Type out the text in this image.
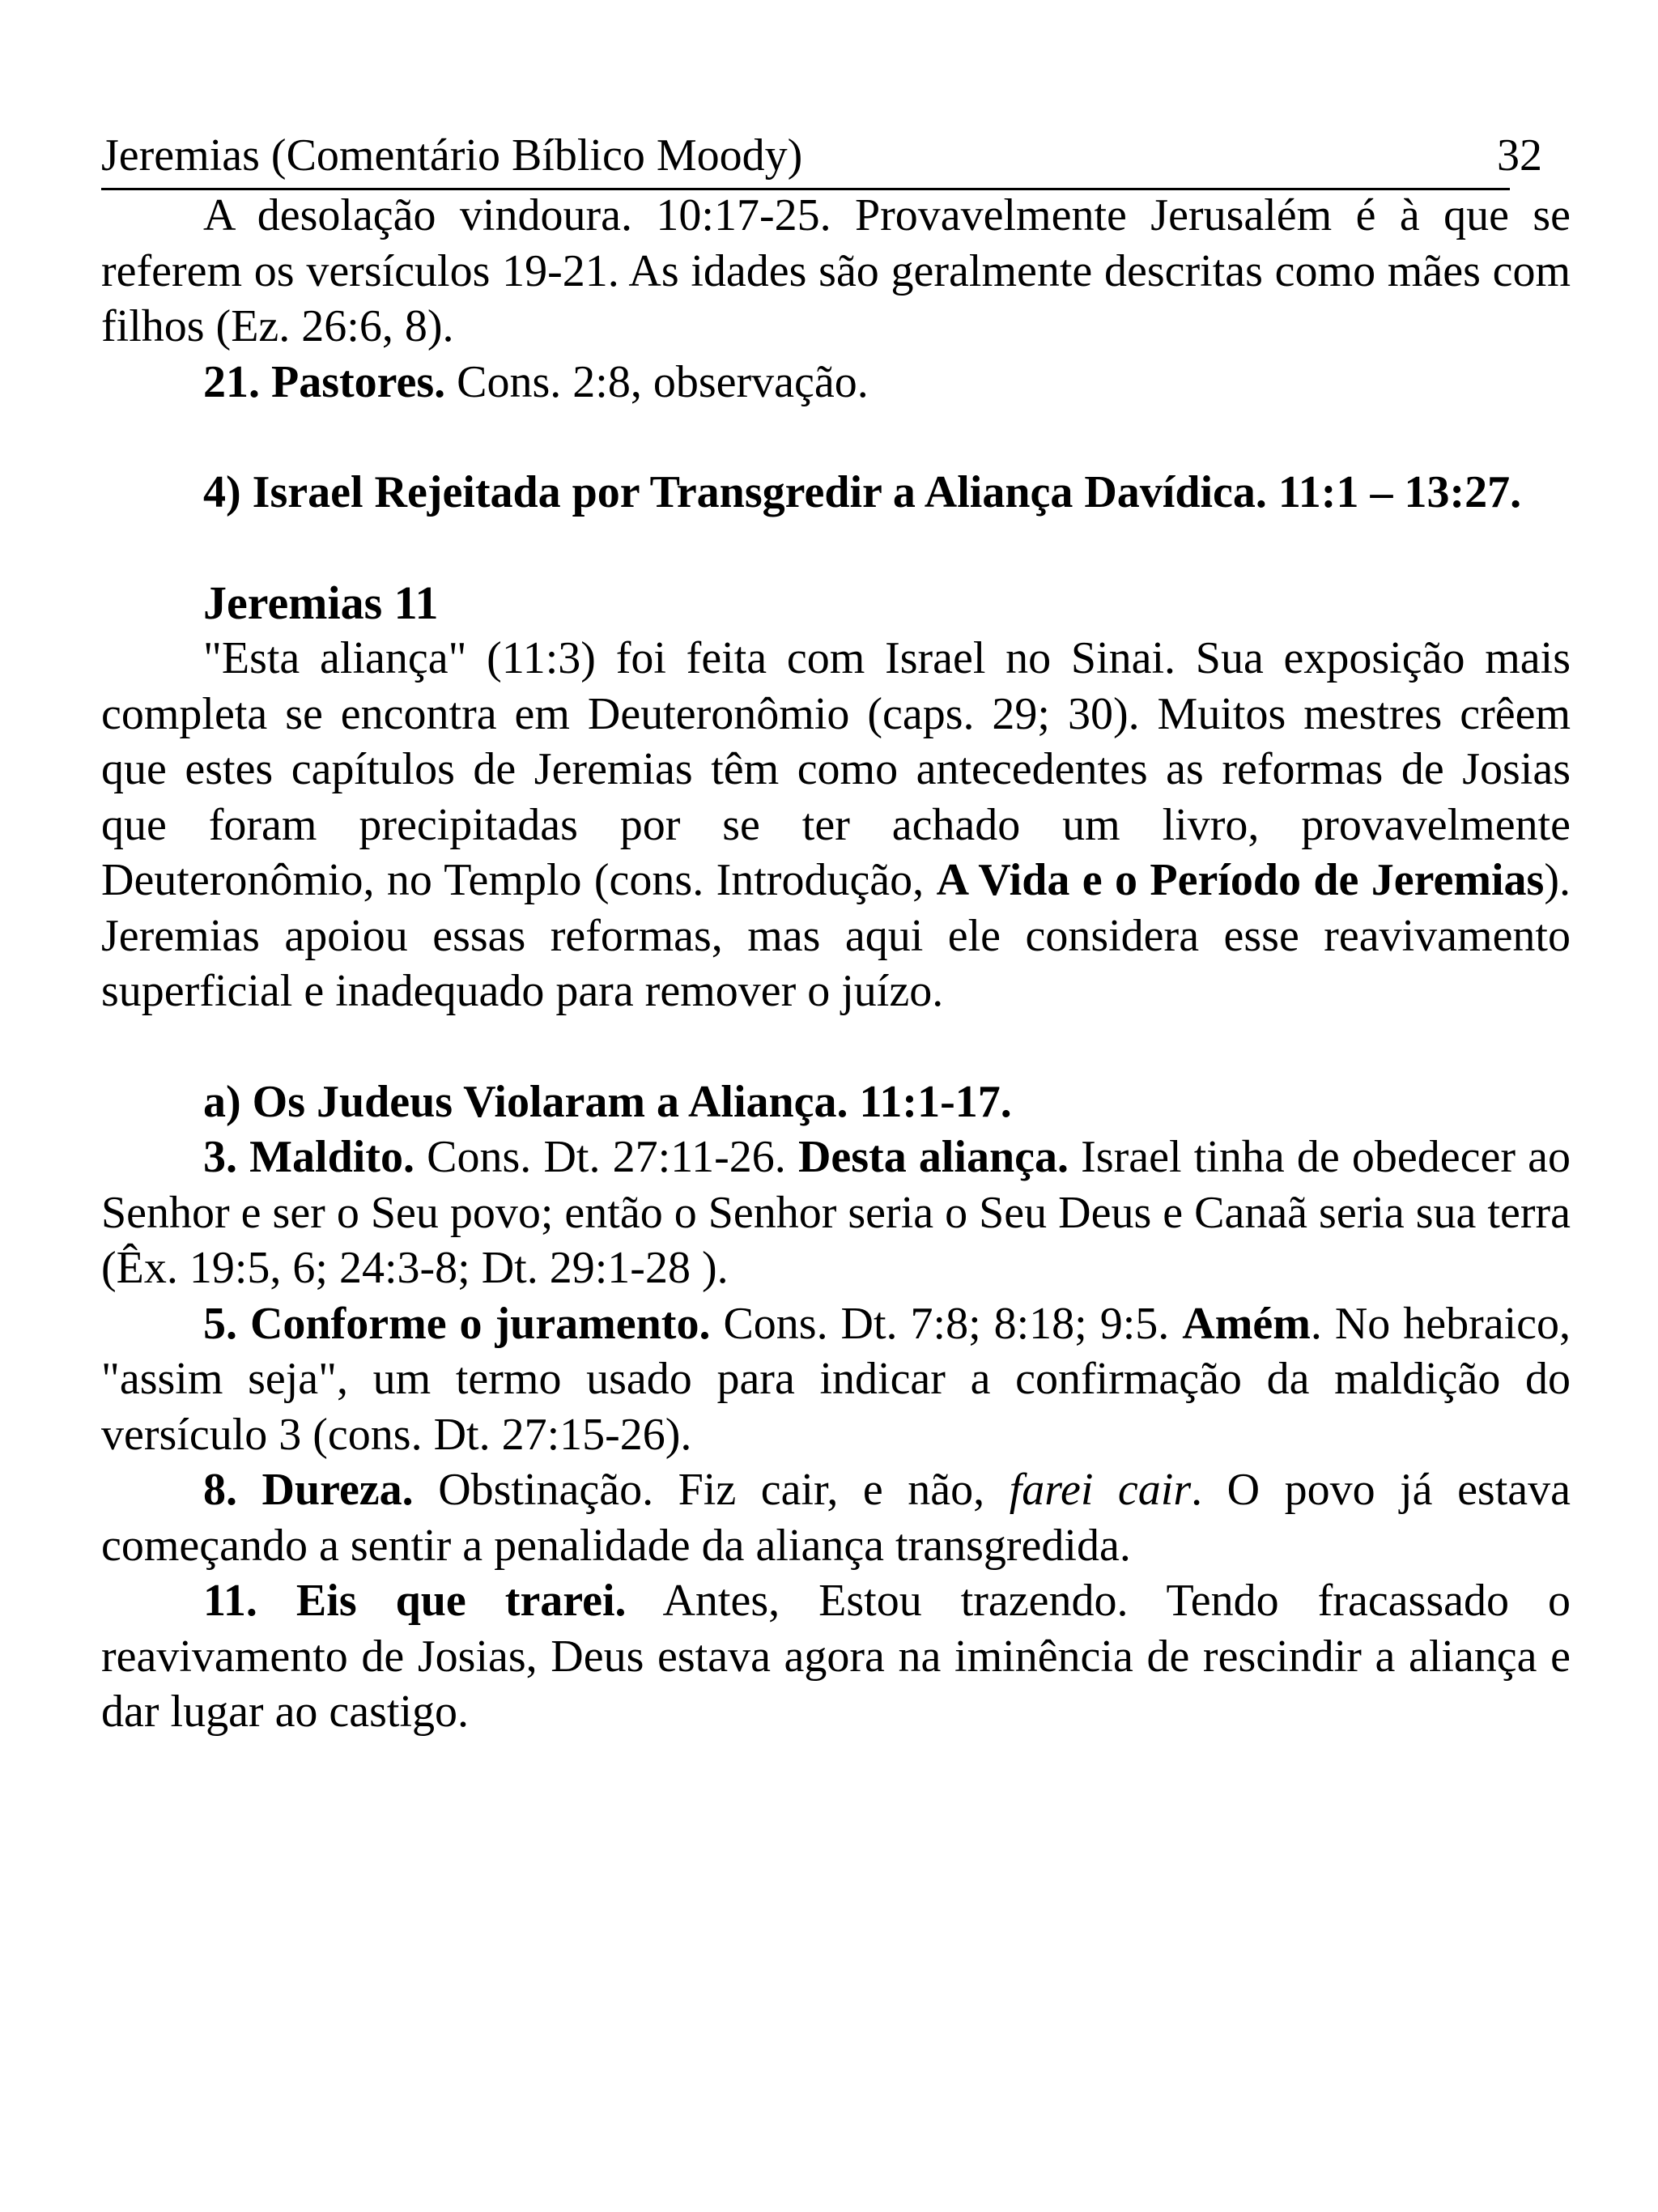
Jeremias (Comentário Bíblico Moody)	32

A desolação vindoura. 10:17-25. Provavelmente Jerusalém é à que se referem os versículos 19-21. As idades são geralmente descritas como mães com filhos (Ez. 26:6, 8).

21. Pastores. Cons. 2:8, observação.

4) Israel Rejeitada por Transgredir a Aliança Davídica. 11:1 – 13:27.

Jeremias 11

"Esta aliança" (11:3) foi feita com Israel no Sinai. Sua exposição mais completa se encontra em Deuteronômio (caps. 29; 30). Muitos mestres crêem que estes capítulos de Jeremias têm como antecedentes as reformas de Josias que foram precipitadas por se ter achado um livro, provavelmente Deuteronômio, no Templo (cons. Introdução, A Vida e o Período de Jeremias). Jeremias apoiou essas reformas, mas aqui ele considera esse reavivamento superficial e inadequado para remover o juízo.

a) Os Judeus Violaram a Aliança. 11:1-17.

3. Maldito. Cons. Dt. 27:11-26. Desta aliança. Israel tinha de obedecer ao Senhor e ser o Seu povo; então o Senhor seria o Seu Deus e Canaã seria sua terra (Êx. 19:5, 6; 24:3-8; Dt. 29:1-28 ).

5. Conforme o juramento. Cons. Dt. 7:8; 8:18; 9:5. Amém. No hebraico, "assim seja", um termo usado para indicar a confirmação da maldição do versículo 3 (cons. Dt. 27:15-26).

8. Dureza. Obstinação. Fiz cair, e não, farei cair. O povo já estava começando a sentir a penalidade da aliança transgredida.

11. Eis que trarei. Antes, Estou trazendo. Tendo fracassado o reavivamento de Josias, Deus estava agora na iminência de rescindir a aliança e dar lugar ao castigo.
